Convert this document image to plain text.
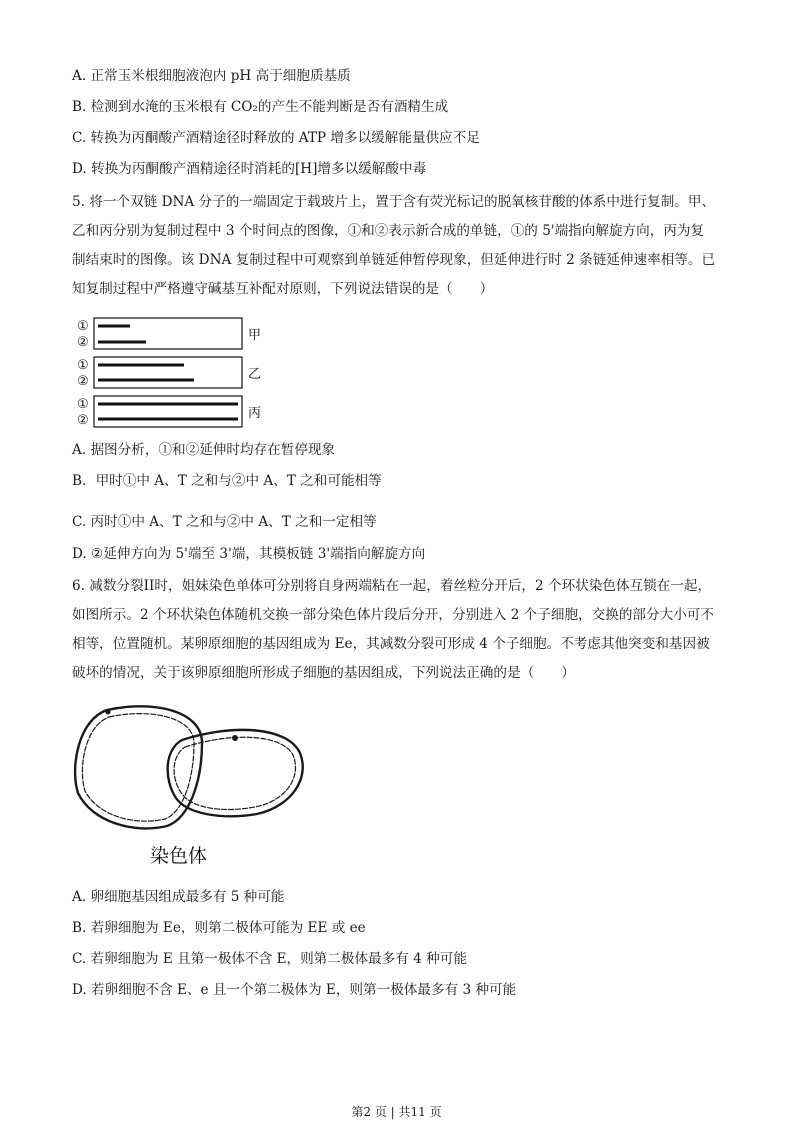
A. 正常玉米根细胞液泡内 pH 高于细胞质基质
B. 检测到水淹的玉米根有 CO₂的产生不能判断是否有酒精生成
C. 转换为丙酮酸产酒精途径时释放的 ATP 增多以缓解能量供应不足
D. 转换为丙酮酸产酒精途径时消耗的[H]增多以缓解酸中毒
5. 将一个双链 DNA 分子的一端固定于载玻片上，置于含有荧光标记的脱氧核苷酸的体系中进行复制。甲、
乙和丙分别为复制过程中 3 个时间点的图像，①和②表示新合成的单链，①的 5'端指向解旋方向，丙为复
制结束时的图像。该 DNA 复制过程中可观察到单链延伸暂停现象，但延伸进行时 2 条链延伸速率相等。已
知复制过程中严格遵守碱基互补配对原则，下列说法错误的是（　　）
①
②	甲
①
②	乙
①
②	丙
A. 据图分析，①和②延伸时均存在暂停现象
B．甲时①中 A、T 之和与②中 A、T 之和可能相等
C. 丙时①中 A、T 之和与②中 A、T 之和一定相等
D. ②延伸方向为 5'端至 3'端，其模板链 3'端指向解旋方向
6. 减数分裂II时，姐妹染色单体可分别将自身两端粘在一起，着丝粒分开后，2 个环状染色体互锁在一起，
如图所示。2 个环状染色体随机交换一部分染色体片段后分开，分别进入 2 个子细胞，交换的部分大小可不
相等，位置随机。某卵原细胞的基因组成为 Ee，其减数分裂可形成 4 个子细胞。不考虑其他突变和基因被
破坏的情况，关于该卵原细胞所形成子细胞的基因组成，下列说法正确的是（　　）
染色体
A. 卵细胞基因组成最多有 5 种可能
B. 若卵细胞为 Ee，则第二极体可能为 EE 或 ee
C. 若卵细胞为 E 且第一极体不含 E，则第二极体最多有 4 种可能
D. 若卵细胞不含 E、e 且一个第二极体为 E，则第一极体最多有 3 种可能
第2 页 | 共11 页
